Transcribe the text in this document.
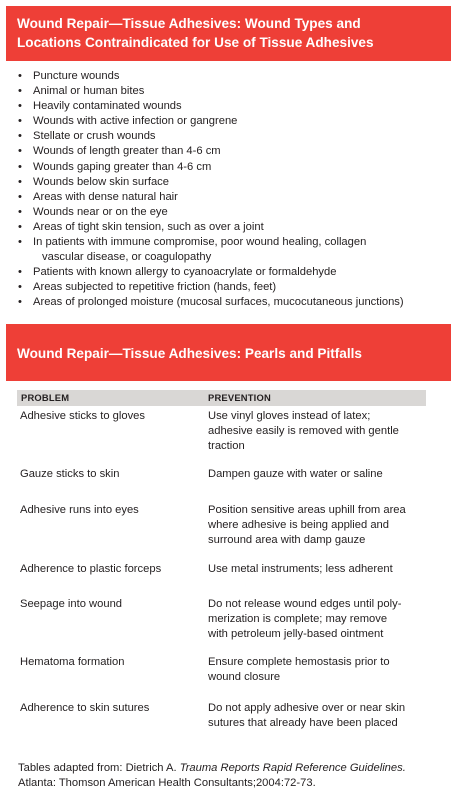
Wound Repair—Tissue Adhesives: Wound Types and
Locations Contraindicated for Use of Tissue Adhesives
• Puncture wounds
• Animal or human bites
• Heavily contaminated wounds
• Wounds with active infection or gangrene
• Stellate or crush wounds
• Wounds of length greater than 4-6 cm
• Wounds gaping greater than 4-6 cm
• Wounds below skin surface
• Areas with dense natural hair
• Wounds near or on the eye
• Areas of tight skin tension, such as over a joint
• In patients with immune compromise, poor wound healing, collagen
vascular disease, or coagulopathy
• Patients with known allergy to cyanoacrylate or formaldehyde
• Areas subjected to repetitive friction (hands, feet)
• Areas of prolonged moisture (mucosal surfaces, mucocutaneous junctions)
Wound Repair—Tissue Adhesives: Pearls and Pitfalls
PROBLEM	PREVENTION
Adhesive sticks to gloves	Use vinyl gloves instead of latex;
adhesive easily is removed with gentle
traction
Gauze sticks to skin	Dampen gauze with water or saline
Adhesive runs into eyes	Position sensitive areas uphill from area
where adhesive is being applied and
surround area with damp gauze
Adherence to plastic forceps	Use metal instruments; less adherent
Seepage into wound	Do not release wound edges until poly-
merization is complete; may remove
with petroleum jelly-based ointment
Hematoma formation	Ensure complete hemostasis prior to
wound closure
Adherence to skin sutures	Do not apply adhesive over or near skin
sutures that already have been placed
Tables adapted from: Dietrich A. Trauma Reports Rapid Reference Guidelines.
Atlanta: Thomson American Health Consultants;2004:72-73.
